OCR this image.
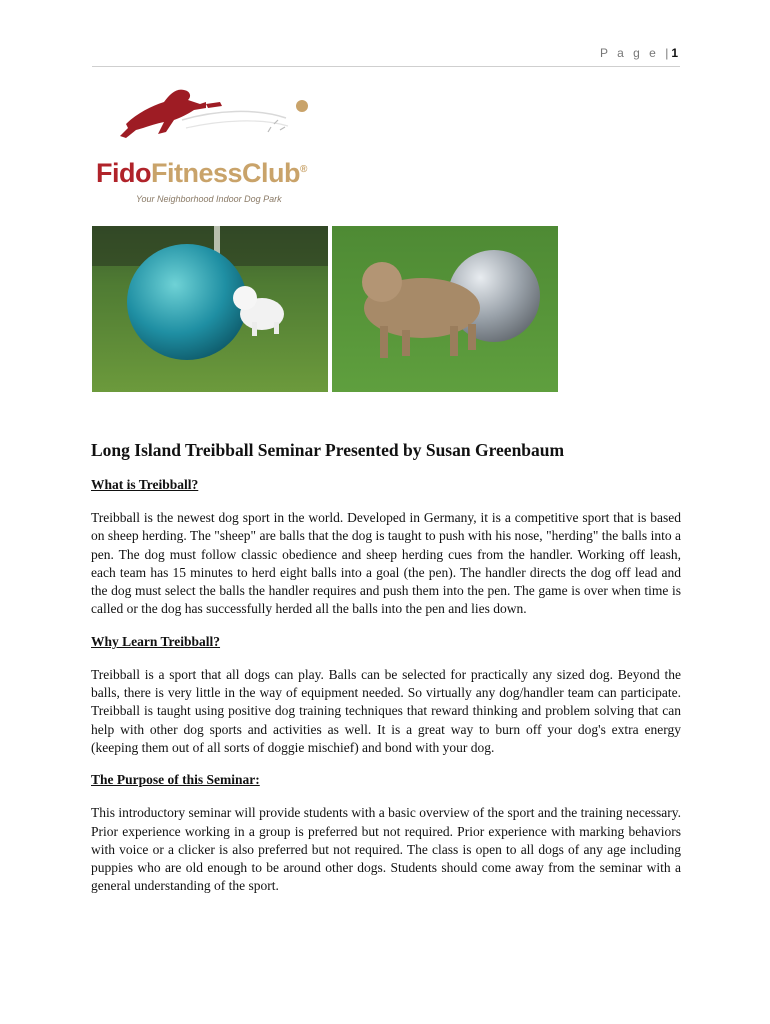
P a g e |1
FidoFitnessClub®
Your Neighborhood Indoor Dog Park
Long Island Treibball Seminar Presented by Susan Greenbaum
What is Treibball?

Treibball is the newest dog sport in the world. Developed in Germany, it is a competitive sport that is based on sheep herding. The "sheep" are balls that the dog is taught to push with his nose, "herding" the balls into a pen. The dog must follow classic obedience and sheep herding cues from the handler. Working off leash, each team has 15 minutes to herd eight balls into a goal (the pen). The handler directs the dog off lead and the dog must select the balls the handler requires and push them into the pen. The game is over when time is called or the dog has successfully herded all the balls into the pen and lies down.

Why Learn Treibball?

Treibball is a sport that all dogs can play. Balls can be selected for practically any sized dog. Beyond the balls, there is very little in the way of equipment needed. So virtually any dog/handler team can participate. Treibball is taught using positive dog training techniques that reward thinking and problem solving that can help with other dog sports and activities as well. It is a great way to burn off your dog's extra energy (keeping them out of all sorts of doggie mischief) and bond with your dog.

The Purpose of this Seminar:

This introductory seminar will provide students with a basic overview of the sport and the training necessary. Prior experience working in a group is preferred but not required. Prior experience with marking behaviors with voice or a clicker is also preferred but not required. The class is open to all dogs of any age including puppies who are old enough to be around other dogs. Students should come away from the seminar with a general understanding of the sport.
